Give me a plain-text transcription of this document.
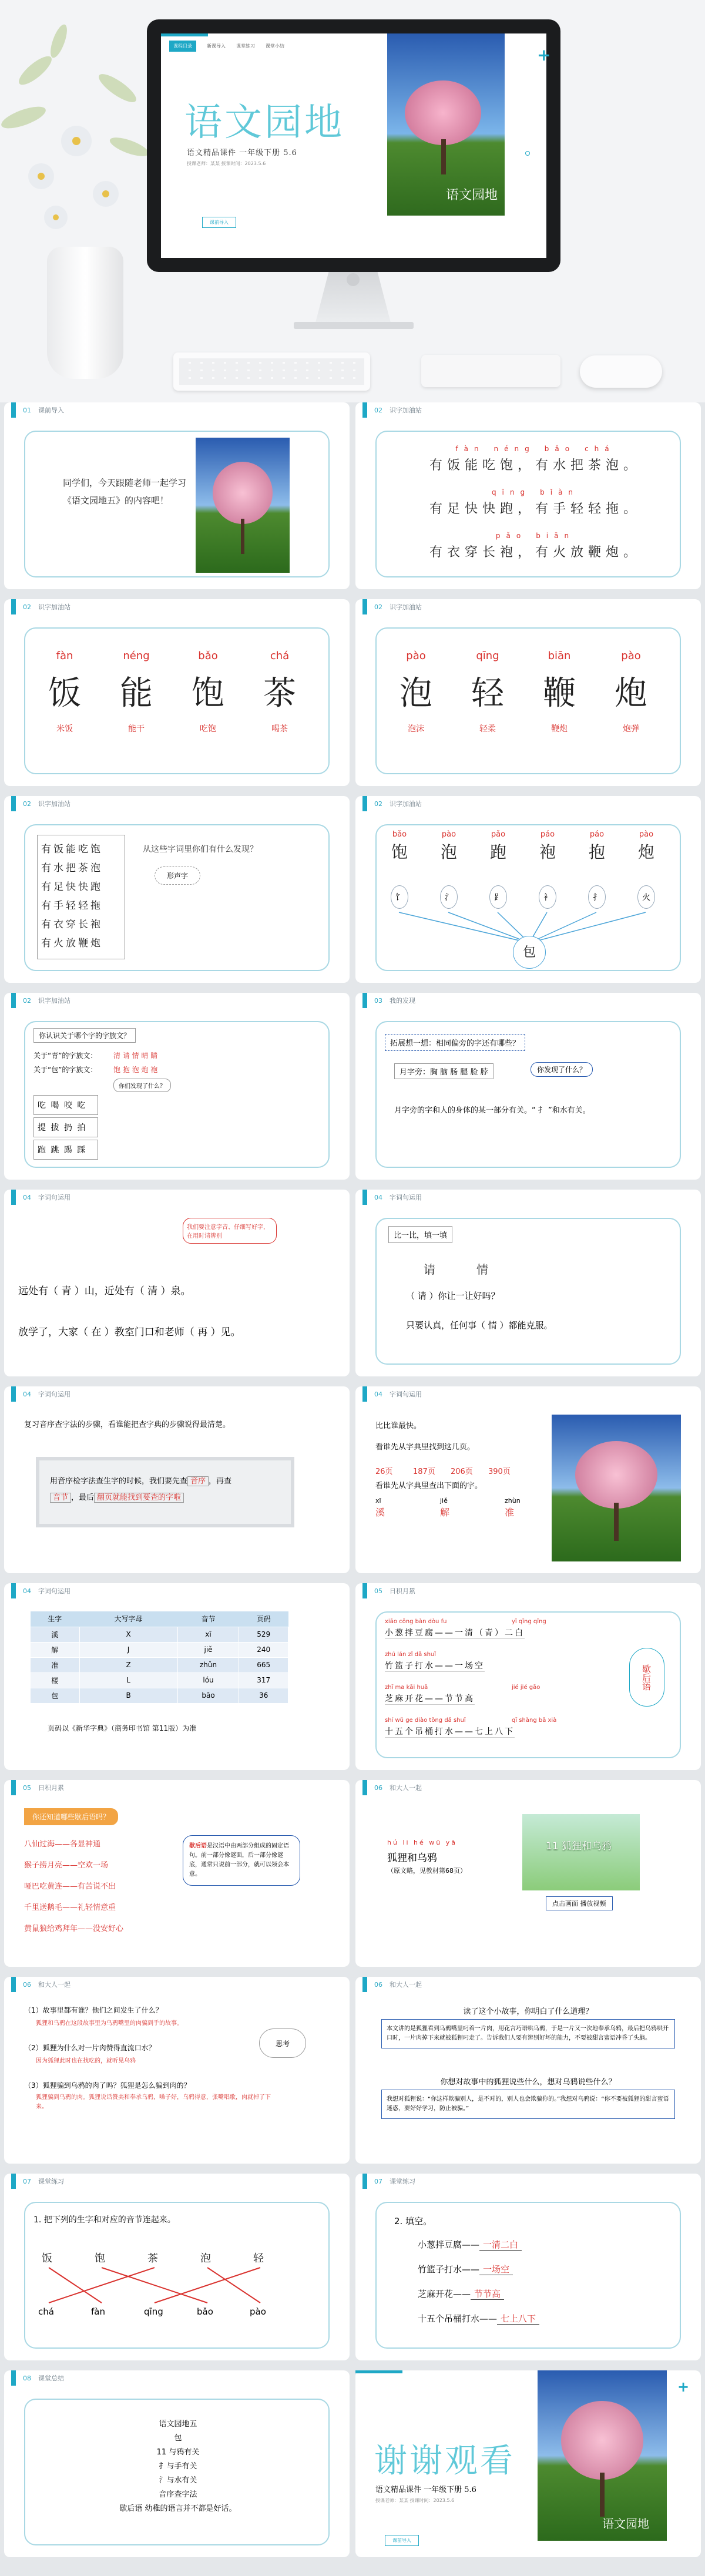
课程目录	新课导入 课堂练习 课堂小结
语文园地
语文精品课件 一年级下册 5.6
授课老师：某某 授课时间：2023.5.6
课前导入
语文园地
+
01 课前导入
同学们，今天跟随老师一起学习《语文园地五》的内容吧！
02 识字加油站
fàn néng bǎo chá
有饭能吃饱，有水把茶泡。
qīng bǐàn
有足快快跑，有手轻轻拖。
pǎo biān
有衣穿长袍，有火放鞭炮。
02 识字加油站
fàn
饭
米饭
néng
能
能干
bǎo
饱
吃饱
chá
茶
喝茶
02 识字加油站
pào
泡
泡沫
qīng
轻
轻柔
biān
鞭
鞭炮
pào
炮
炮弹
02 识字加油站
有饭能吃饱
有水把茶泡
有足快快跑
有手轻轻拖
有衣穿长袍
有火放鞭炮
从这些字词里你们有什么发现？
形声字
02 识字加油站
bǎo
饱
饣
pào
泡
氵
pǎo
跑
⻊
páo
袍
衤
páo
抱
扌
pào
炮
火
包
02 识字加油站
你认识关于哪个字的字族文？
关于“青”的字族文： 清 请 情 晴 睛
关于“包”的字族文： 饱 抱 泡 炮 袍
你们发现了什么？
吃 喝 咬 吃
提 拔 扔 拍
跑 跳 踢 踩
03 我的发现
拓展想一想：相同偏旁的字还有哪些？
月字旁：胸 脑 肠 腿 脸 脖	你发现了什么？
月字旁的字和人的身体的某一部分有关。“ 扌 ”和水有关。
04 字词句运用
我们要注意字音、仔细写好字，在用时请辨别
远处有（ 青 ）山，近处有（ 清 ）泉。
放学了，大家（ 在 ）教室门口和老师（ 再 ）见。
04 字词句运用
比一比，填一填
请	情
（ 请 ）你让一让好吗？
只要认真，任何事（ 情 ）都能克服。
04 字词句运用
复习音序查字法的步骤，看谁能把查字典的步骤说得最清楚。
用音序检字法查生字的时候，我们要先查 音序 ，再查
音节 ，最后 翻页就能找到要查的字啦
04 字词句运用
比比谁最快。
看谁先从字典里找到这几页。
26页	187页 206页 390页
看谁先从字典里查出下面的字。
xī
溪
jiě
解
zhùn
准
04 字词句运用
生字	大写字母	音节	页码
溪	X	xī	529
解	J	jiě	240
准	Z	zhǔn	665
楼	L	lóu	317
包	B	bāo	36
页码以《新华字典》（商务印书馆 第11版）为准
05 日积月累
xiāo cōng bàn dòu fu	yī qīng qīng
小葱拌豆腐——一清（青）二白
zhú lán zǐ dǎ shuǐ
竹篮子打水——一场空
zhī ma kāi huā	jié jié gāo
芝麻开花——节节高
shí wǔ ge diào tǒng dǎ shuǐ	qī shàng bā xià
十五个吊桶打水——七上八下
歇后语
05 日积月累
你还知道哪些歇后语吗？
八仙过海——各显神通
猴子捞月亮——空欢一场
哑巴吃黄连——有苦说不出
千里送鹅毛——礼轻情意重
黄鼠狼给鸡拜年——没安好心
歇后语是汉语中由两部分组成的固定语句。前一部分像谜面，后一部分像谜底，通常只说前一部分，就可以领会本意。
06 和大人一起
hú li hé wū yā
狐狸和乌鸦
（原文略，见教材第68页）
11 狐狸和乌鸦
点击画面 播放视频
06 和大人一起
（1）故事里都有谁？他们之间发生了什么？
狐狸和乌鸦在这段故事里为乌鸦嘴里的肉骗到手的故事。
（2）狐狸为什么对一片肉赞得直流口水？
因为狐狸此时也在找吃的，就听见乌鸦
（3）狐狸骗到乌鸦的肉了吗？狐狸是怎么骗到肉的？
狐狸骗到乌鸦的肉。狐狸说话赞美和奉承乌鸦，嗓子好，乌鸦得意，张嘴唱歌，肉就掉了下来。
思考
06 和大人一起
读了这个小故事，你明白了什么道理？
本文讲的是狐狸看到乌鸦嘴里叼着一片肉，用花言巧语哄乌鸦，于是一片又一次地奉承乌鸦，最后把乌鸦哄开口时，一片肉掉下来就被狐狸叼走了。告诉我们人要有辨别好坏的能力，不要被甜言蜜语冲昏了头脑。
你想对故事中的狐狸说些什么，想对乌鸦说些什么？
我想对狐狸说：“你这样欺骗别人，是不对的，别人也会欺骗你的。”我想对乌鸦说：“你不要被狐狸的甜言蜜语迷惑，要好好学习，防止被骗。”
07 课堂练习
1. 把下列的生字和对应的音节连起来。
饭	饱	茶	泡	轻
chá	fàn	qīng	bǎo	pào
07 课堂练习
2. 填空。
小葱拌豆腐—— 一清二白
竹篮子打水—— 一场空
芝麻开花—— 节节高
十五个吊桶打水—— 七上八下
08 课堂总结
语文园地五
包
11 与鸦有关
扌与手有关
氵与水有关
音序查字法
歇后语 幼稚的语言并不都是好话。
谢谢观看
语文精品课件 一年级下册 5.6
授课老师：某某 授课时间：2023.5.6
课前导入
语文园地
+
